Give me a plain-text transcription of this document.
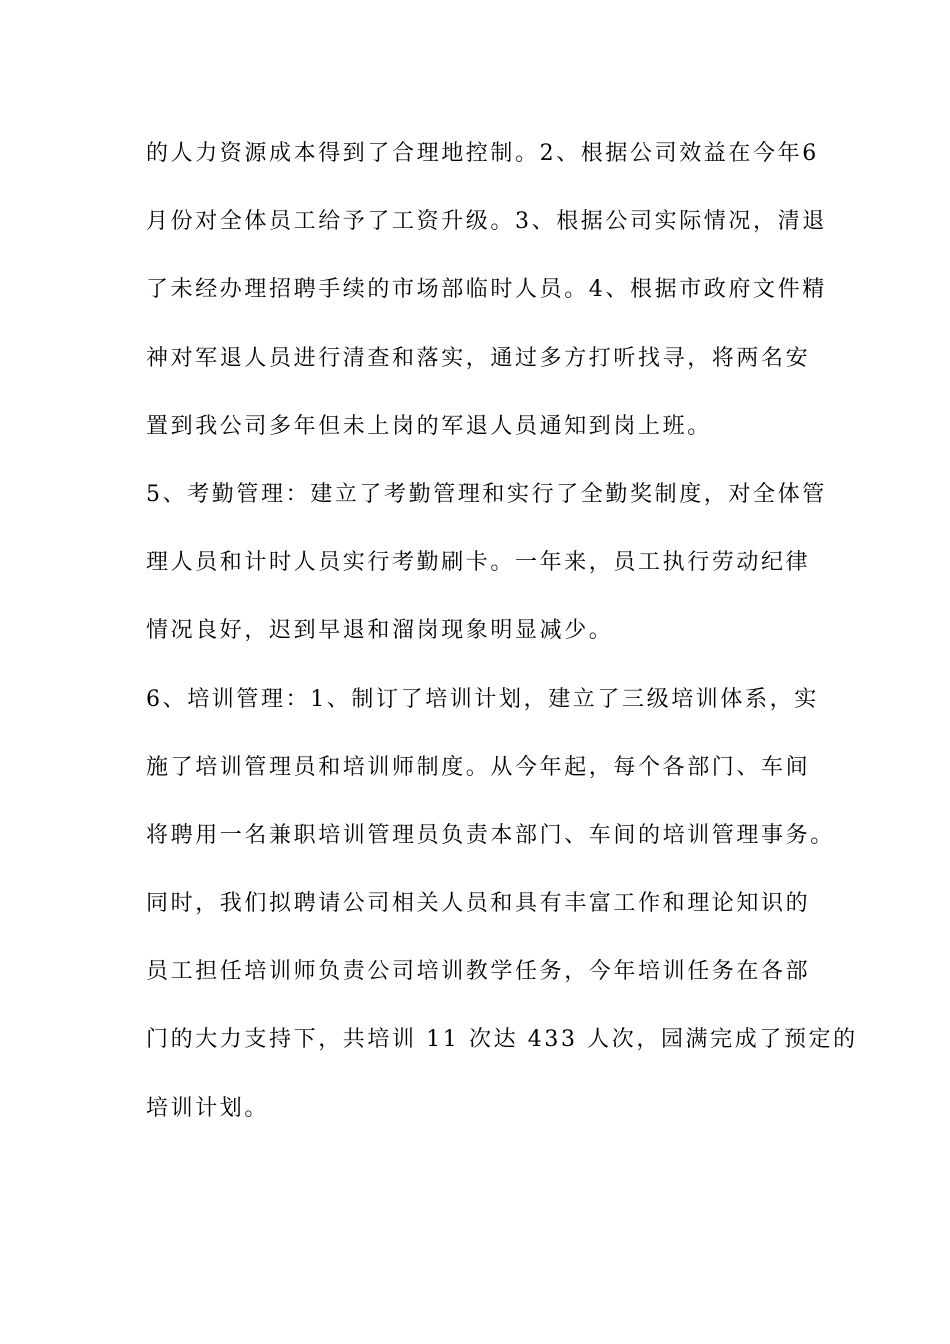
的人力资源成本得到了合理地控制。2、根据公司效益在今年6
月份对全体员工给予了工资升级。3、根据公司实际情况，清退
了未经办理招聘手续的市场部临时人员。4、根据市政府文件精
神对军退人员进行清查和落实，通过多方打听找寻，将两名安
置到我公司多年但未上岗的军退人员通知到岗上班。
5、考勤管理：建立了考勤管理和实行了全勤奖制度，对全体管
理人员和计时人员实行考勤刷卡。一年来，员工执行劳动纪律
情况良好，迟到早退和溜岗现象明显减少。
6、培训管理：1、制订了培训计划，建立了三级培训体系，实
施了培训管理员和培训师制度。从今年起，每个各部门、车间
将聘用一名兼职培训管理员负责本部门、车间的培训管理事务。
同时，我们拟聘请公司相关人员和具有丰富工作和理论知识的
员工担任培训师负责公司培训教学任务，今年培训任务在各部
门的大力支持下，共培训 11 次达 433 人次，园满完成了预定的
培训计划。
